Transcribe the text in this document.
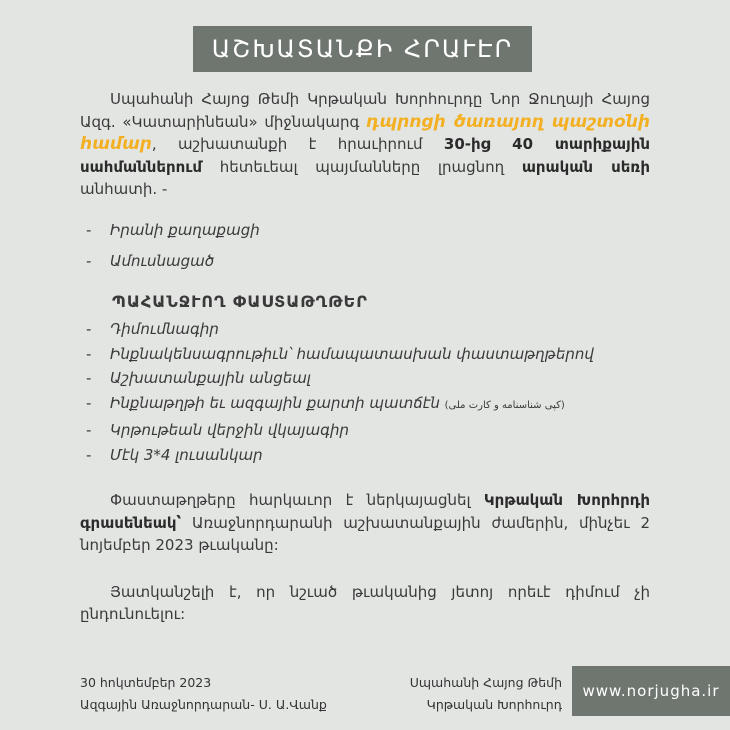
ԱՇԽԱՏԱՆՔԻ ՀՐԱՒԷՐ

Սպահանի Հայոց Թեմի Կրթական Խորհուրդը Նոր Ջուղայի Հայոց Ազգ. «Կատարինեան» միջնակարգ դպրոցի ծառայող պաշտօնի համար, աշխատանքի է հրաւիրում 30-ից 40 տարիքային սահմաններում հետեւեալ պայմանները լրացնող արական սեռի անհատի. -

- Իրանի քաղաքացի
- Ամուսնացած
ՊԱՀԱՆՋՒՈՂ ՓԱՍՏԱԹՂԹԵՐ
- Դիմումնագիր
- Ինքնակենսագրութիւն՝ համապատասխան փաստաթղթերով
- Աշխատանքային անցեալ
- Ինքնաթղթի եւ ազգային քարտի պատճէն (کپی شناسنامه و کارت ملی)
- Կրթութեան վերջին վկայագիր
- Մէկ 3*4 լուսանկար

Փաստաթղթերը հարկաւոր է ներկայացնել Կրթական Խորհրդի գրասենեակ՝ Առաջնորդարանի աշխատանքային ժամերին, մինչեւ 2 նոյեմբեր 2023 թւականը:

Յատկանշելի է, որ նշւած թւականից յետոյ որեւէ դիմում չի ընդունուելու:

30 հոկտեմբեր 2023
Ազգային Առաջնորդարան- Ս. Ա.Վանք
Սպահանի Հայոց Թեմի
Կրթական Խորհուրդ
www.norjugha.ir
